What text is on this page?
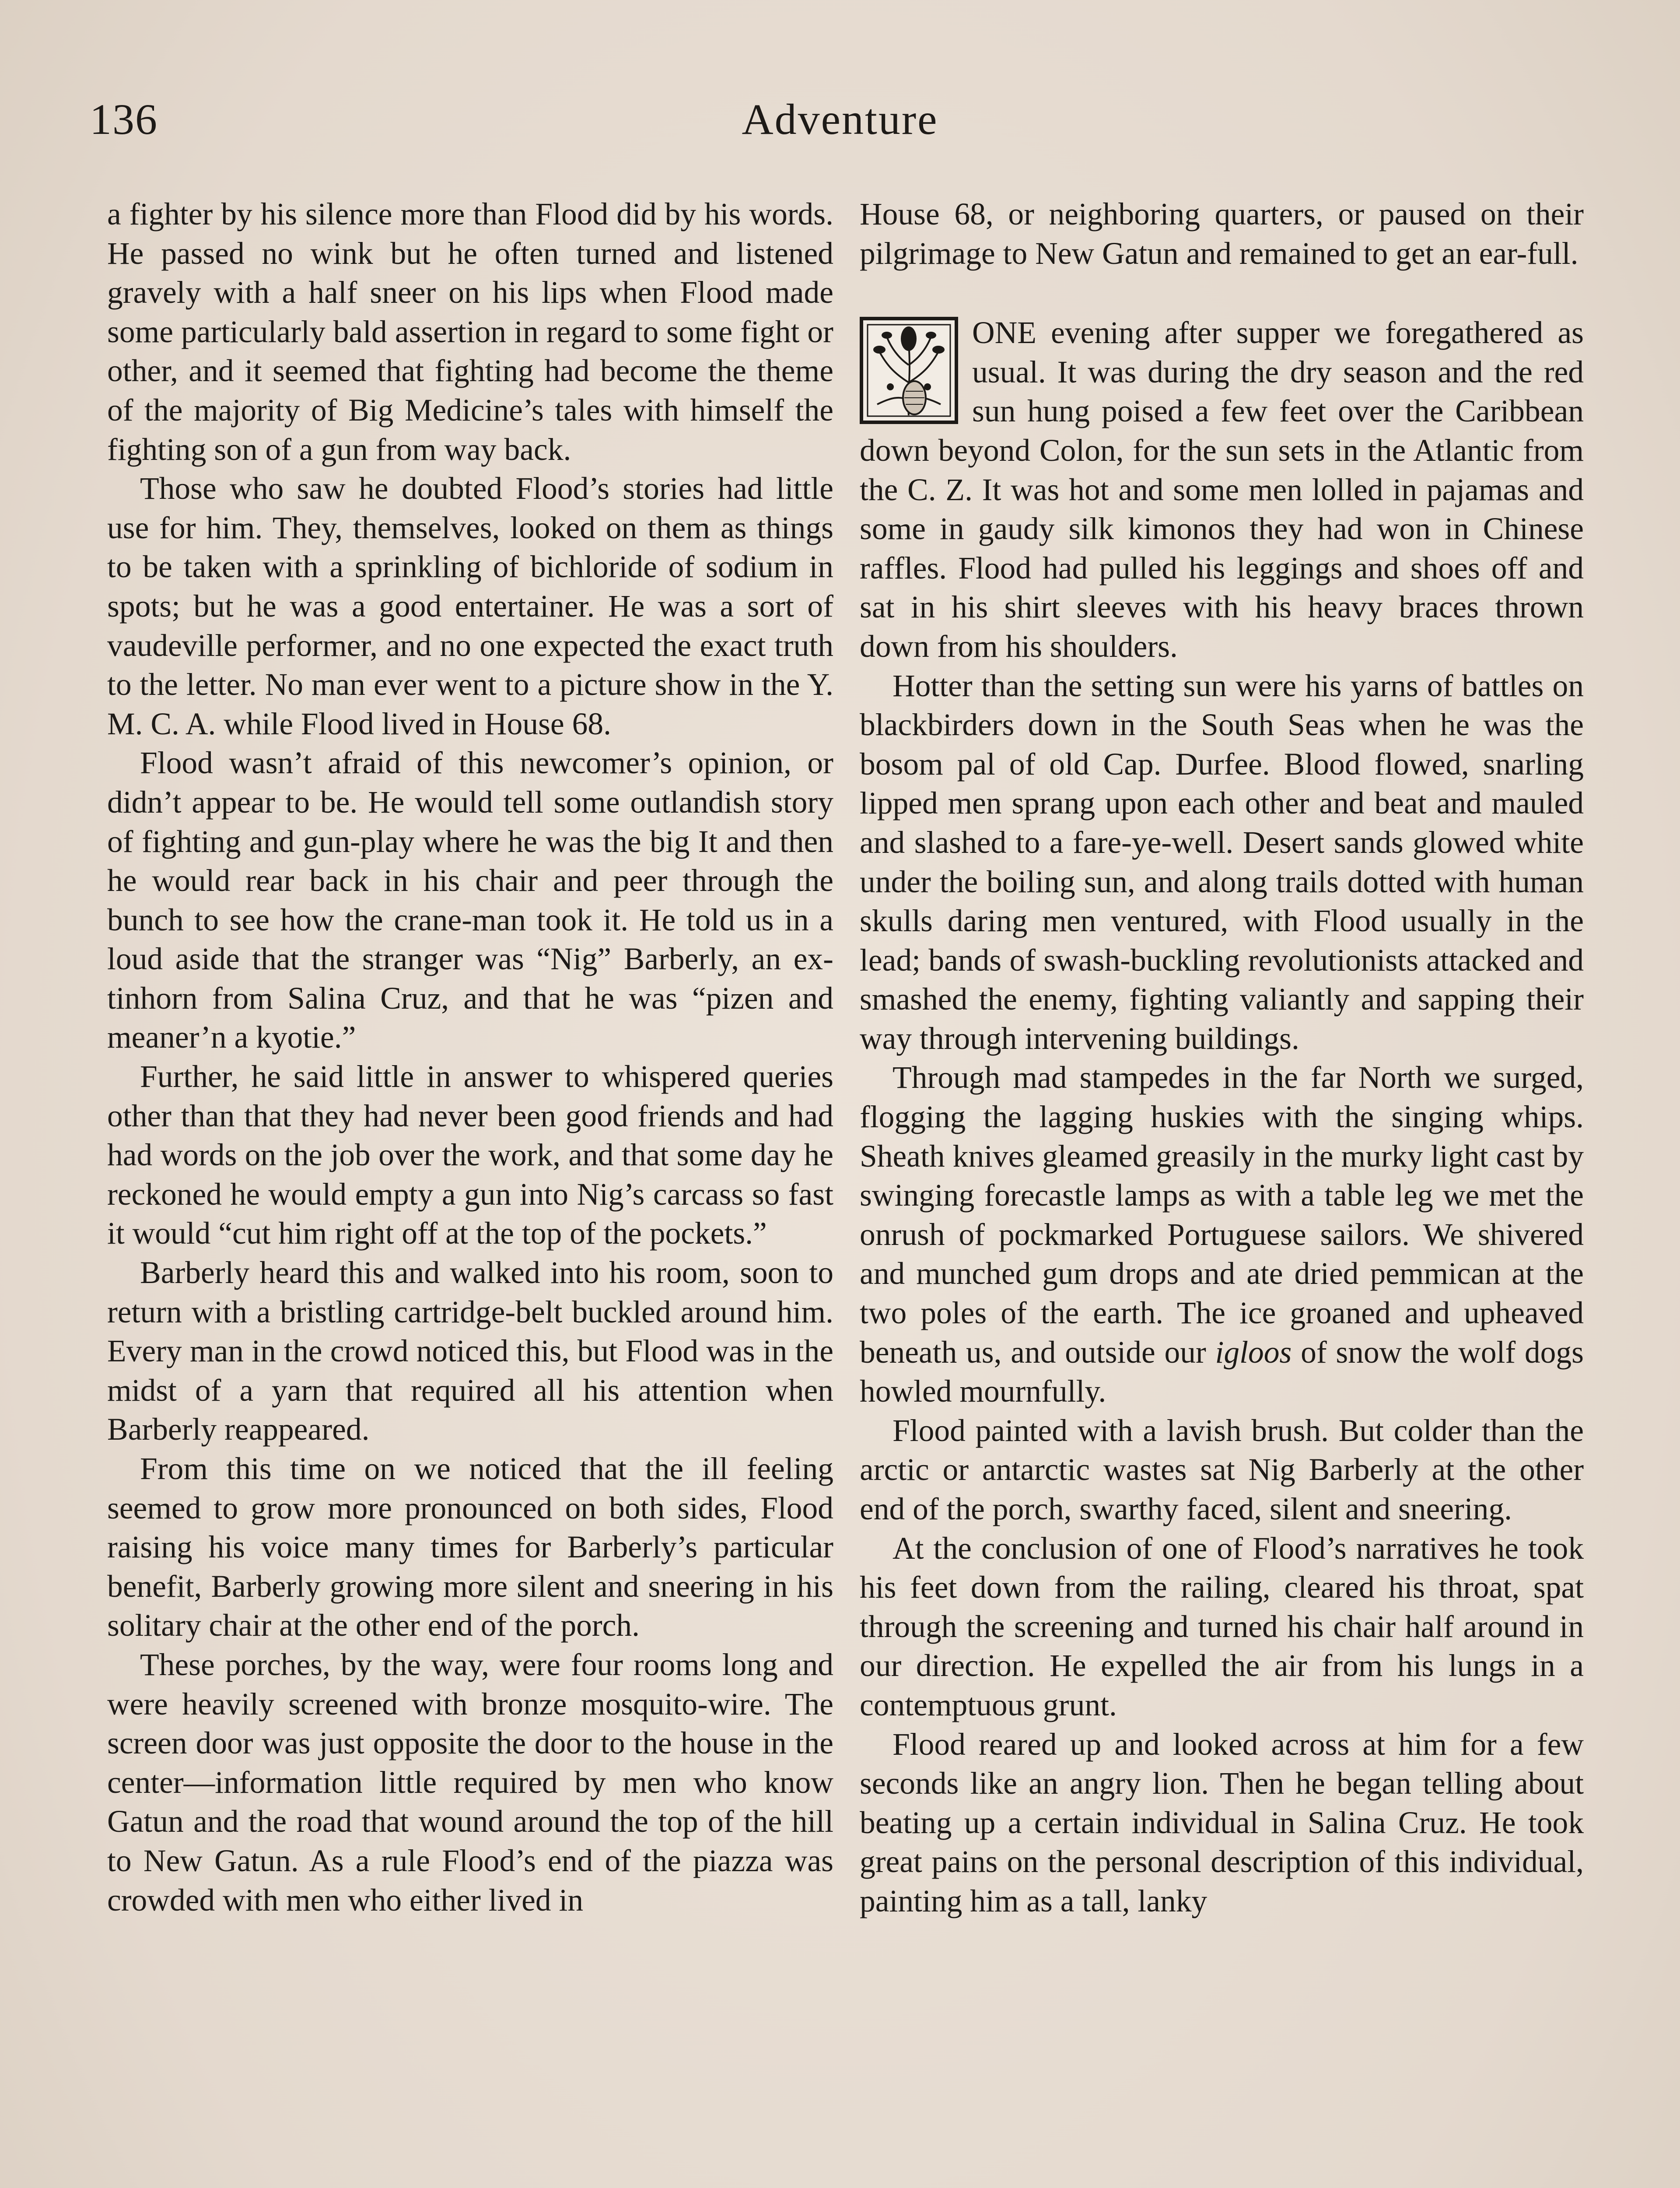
136	Adventure

a fighter by his silence more than Flood did by his words. He passed no wink but he often turned and listened gravely with a half sneer on his lips when Flood made some particularly bald assertion in regard to some fight or other, and it seemed that fighting had become the theme of the majority of Big Medicine’s tales with himself the fighting son of a gun from way back.

Those who saw he doubted Flood’s stories had little use for him. They, themselves, looked on them as things to be taken with a sprinkling of bichloride of sodium in spots; but he was a good entertainer. He was a sort of vaudeville performer, and no one expected the exact truth to the letter. No man ever went to a picture show in the Y. M. C. A. while Flood lived in House 68.

Flood wasn’t afraid of this newcomer’s opinion, or didn’t appear to be. He would tell some outlandish story of fighting and gun-play where he was the big It and then he would rear back in his chair and peer through the bunch to see how the crane-man took it. He told us in a loud aside that the stranger was “Nig” Barberly, an ex-tinhorn from Salina Cruz, and that he was “pizen and meaner’n a kyotie.”

Further, he said little in answer to whispered queries other than that they had never been good friends and had had words on the job over the work, and that some day he reckoned he would empty a gun into Nig’s carcass so fast it would “cut him right off at the top of the pockets.”

Barberly heard this and walked into his room, soon to return with a bristling cartridge-belt buckled around him. Every man in the crowd noticed this, but Flood was in the midst of a yarn that required all his attention when Barberly reappeared.

From this time on we noticed that the ill feeling seemed to grow more pronounced on both sides, Flood raising his voice many times for Barberly’s particular benefit, Barberly growing more silent and sneering in his solitary chair at the other end of the porch.

These porches, by the way, were four rooms long and were heavily screened with bronze mosquito-wire. The screen door was just opposite the door to the house in the center—information little required by men who know Gatun and the road that wound around the top of the hill to New Gatun. As a rule Flood’s end of the piazza was crowded with men who either lived in

House 68, or neighboring quarters, or paused on their pilgrimage to New Gatun and remained to get an ear-full.

ONE evening after supper we foregathered as usual. It was during the dry season and the red sun hung poised a few feet over the Caribbean down beyond Colon, for the sun sets in the Atlantic from the C. Z. It was hot and some men lolled in pajamas and some in gaudy silk kimonos they had won in Chinese raffles. Flood had pulled his leggings and shoes off and sat in his shirt sleeves with his heavy braces thrown down from his shoulders.

Hotter than the setting sun were his yarns of battles on blackbirders down in the South Seas when he was the bosom pal of old Cap. Durfee. Blood flowed, snarling lipped men sprang upon each other and beat and mauled and slashed to a fare-ye-well. Desert sands glowed white under the boiling sun, and along trails dotted with human skulls daring men ventured, with Flood usually in the lead; bands of swash-buckling revolutionists attacked and smashed the enemy, fighting valiantly and sapping their way through intervening buildings.

Through mad stampedes in the far North we surged, flogging the lagging huskies with the singing whips. Sheath knives gleamed greasily in the murky light cast by swinging forecastle lamps as with a table leg we met the onrush of pockmarked Portuguese sailors. We shivered and munched gum drops and ate dried pemmican at the two poles of the earth. The ice groaned and upheaved beneath us, and outside our igloos of snow the wolf dogs howled mournfully.

Flood painted with a lavish brush. But colder than the arctic or antarctic wastes sat Nig Barberly at the other end of the porch, swarthy faced, silent and sneering.

At the conclusion of one of Flood’s narratives he took his feet down from the railing, cleared his throat, spat through the screening and turned his chair half around in our direction. He expelled the air from his lungs in a contemptuous grunt.

Flood reared up and looked across at him for a few seconds like an angry lion. Then he began telling about beating up a certain individual in Salina Cruz. He took great pains on the personal description of this individual, painting him as a tall, lanky
